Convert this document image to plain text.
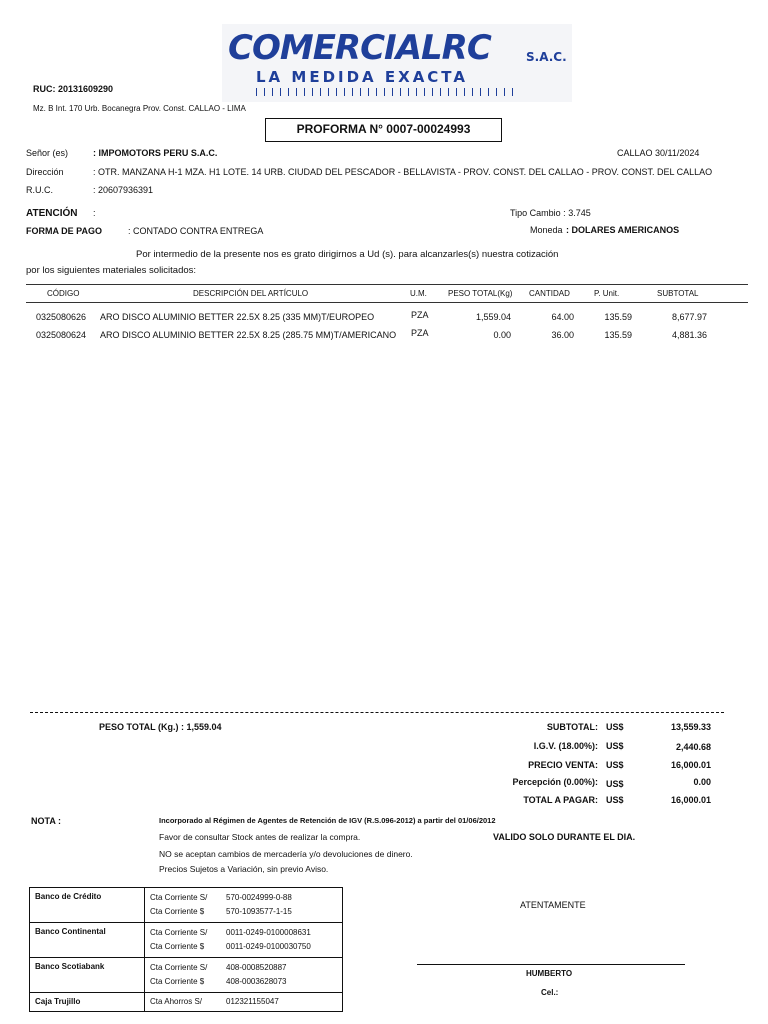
COMERCIALRC	S.A.C.
LA MEDIDA EXACTA
RUC: 20131609290
Mz. B Int. 170 Urb. Bocanegra Prov. Const. CALLAO - LIMA
PROFORMA N° 0007-00024993
Señor (es)	: IMPOMOTORS PERU S.A.C.	CALLAO 30/11/2024
Dirección	: OTR. MANZANA H-1 MZA. H1 LOTE. 14 URB. CIUDAD DEL PESCADOR - BELLAVISTA - PROV. CONST. DEL CALLAO - PROV. CONST. DEL CALLAO
R.U.C.	: 20607936391
ATENCIÓN :	Tipo Cambio : 3.745
FORMA DE PAGO	: CONTADO CONTRA ENTREGA	Moneda : DOLARES AMERICANOS
Por intermedio de la presente nos es grato dirigirnos a Ud (s). para alcanzarles(s) nuestra cotización
por los siguientes materiales solicitados:
CÓDIGO	DESCRIPCIÓN DEL ARTÍCULO	U.M.	PESO TOTAL(Kg) CANTIDAD	P. Unit.	SUBTOTAL
0325080626 ARO DISCO ALUMINIO BETTER 22.5X 8.25 (335 MM)T/EUROPEO	PZA	1,559.04	64.00	135.59	8,677.97
0325080624 ARO DISCO ALUMINIO BETTER 22.5X 8.25 (285.75 MM)T/AMERICANO PZA	0.00	36.00	135.59	4,881.36
PESO TOTAL (Kg.) : 1,559.04	SUBTOTAL: US$	13,559.33
I.G.V. (18.00%): US$	2,440.68
PRECIO VENTA: US$	16,000.01
Percepción (0.00%): US$	0.00
TOTAL A PAGAR: US$	16,000.01
NOTA :	Incorporado al Régimen de Agentes de Retención de IGV (R.S.096-2012) a partir del 01/06/2012
Favor de consultar Stock antes de realizar la compra.	VALIDO SOLO DURANTE EL DIA.
NO se aceptan cambios de mercadería y/o devoluciones de dinero.
Precios Sujetos a Variación, sin previo Aviso.
Banco de Crédito	Cta Corriente S/ 570-0024999-0-88
Cta Corriente $ 570-1093577-1-15

Banco Continental	Cta Corriente S/ 0011-0249-0100008631
Cta Corriente $ 0011-0249-0100030750

Banco Scotiabank	Cta Corriente S/ 408-0008520887
Cta Corriente $ 408-0003628073

Caja Trujillo	Cta Ahorros S/ 012321155047
ATENTAMENTE
HUMBERTO
Cel.:
